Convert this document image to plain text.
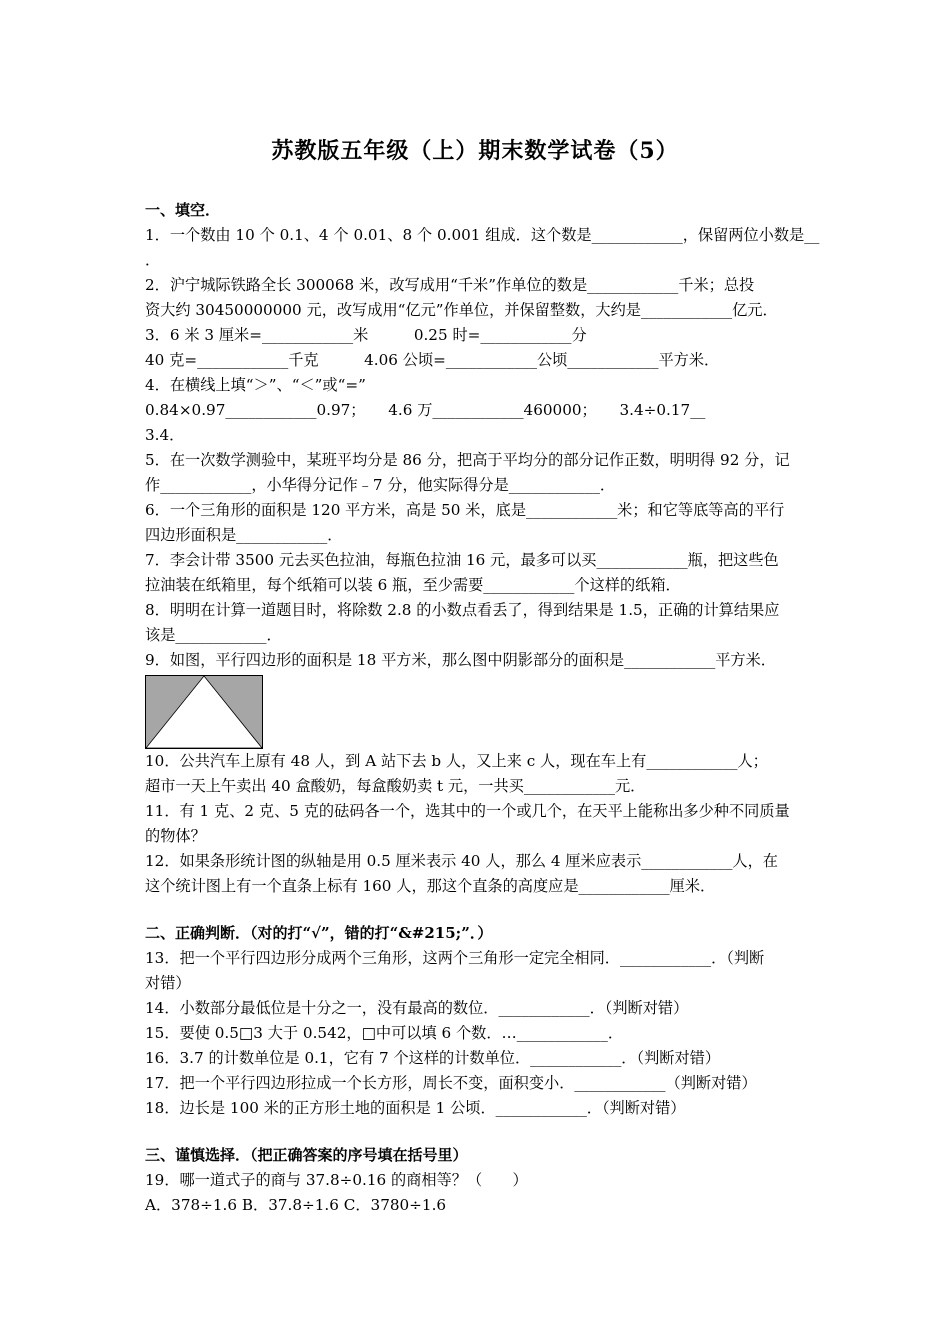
苏教版五年级（上）期末数学试卷（5）
一、填空．
1．一个数由 10 个 0.1、4 个 0.01、8 个 0.001 组成．这个数是____________，保留两位小数是__
．
2．沪宁城际铁路全长 300068 米，改写成用“千米”作单位的数是____________千米；总投
资大约 30450000000 元，改写成用“亿元”作单位，并保留整数，大约是____________亿元．
3．6 米 3 厘米=____________米　　　0.25 时=____________分
40 克=____________千克　　　4.06 公顷=____________公顷____________平方米．
4．在横线上填“＞”、“＜”或“=”
0.84×0.97____________0.97；　　4.6 万____________460000；　　3.4÷0.17__
3.4．
5．在一次数学测验中，某班平均分是 86 分，把高于平均分的部分记作正数，明明得 92 分，记
作____________，小华得分记作﹣7 分，他实际得分是____________．
6．一个三角形的面积是 120 平方米，高是 50 米，底是____________米；和它等底等高的平行
四边形面积是____________．
7．李会计带 3500 元去买色拉油，每瓶色拉油 16 元，最多可以买____________瓶，把这些色
拉油装在纸箱里，每个纸箱可以装 6 瓶，至少需要____________个这样的纸箱．
8．明明在计算一道题目时，将除数 2.8 的小数点看丢了，得到结果是 1.5，正确的计算结果应
该是____________．
9．如图，平行四边形的面积是 18 平方米，那么图中阴影部分的面积是____________平方米．
10．公共汽车上原有 48 人，到 A 站下去 b 人，又上来 c 人，现在车上有____________人；
超市一天上午卖出 40 盒酸奶，每盒酸奶卖 t 元，一共买____________元．
11．有 1 克、2 克、5 克的砝码各一个，选其中的一个或几个，在天平上能称出多少种不同质量
的物体？
12．如果条形统计图的纵轴是用 0.5 厘米表示 40 人，那么 4 厘米应表示____________人，在
这个统计图上有一个直条上标有 160 人，那这个直条的高度应是____________厘米．
二、正确判断．（对的打“√”，错的打“&#215;”．）
13．把一个平行四边形分成两个三角形，这两个三角形一定完全相同．____________．（判断
对错）
14．小数部分最低位是十分之一，没有最高的数位．____________．（判断对错）
15．要使 0.5□3 大于 0.542，□中可以填 6 个数．…____________．
16．3.7 的计数单位是 0.1，它有 7 个这样的计数单位．____________．（判断对错）
17．把一个平行四边形拉成一个长方形，周长不变，面积变小．____________（判断对错）
18．边长是 100 米的正方形土地的面积是 1 公顷．____________．（判断对错）
三、谨慎选择．（把正确答案的序号填在括号里）
19．哪一道式子的商与 37.8÷0.16 的商相等？（　　）
A．378÷1.6 B．37.8÷1.6 C．3780÷1.6
